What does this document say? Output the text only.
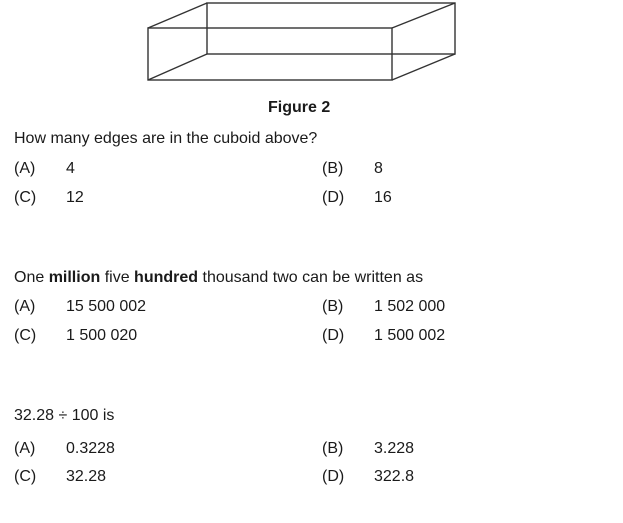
Figure 2
How many edges are in the cuboid above?
(A) 4	(B) 8
(C) 12	(D) 16
One million five hundred thousand two can be written as
(A) 15 500 002	(B) 1 502 000
(C) 1 500 020	(D) 1 500 002
32.28 ÷ 100 is
(A) 0.3228	(B) 3.228
(C) 32.28	(D) 322.8
